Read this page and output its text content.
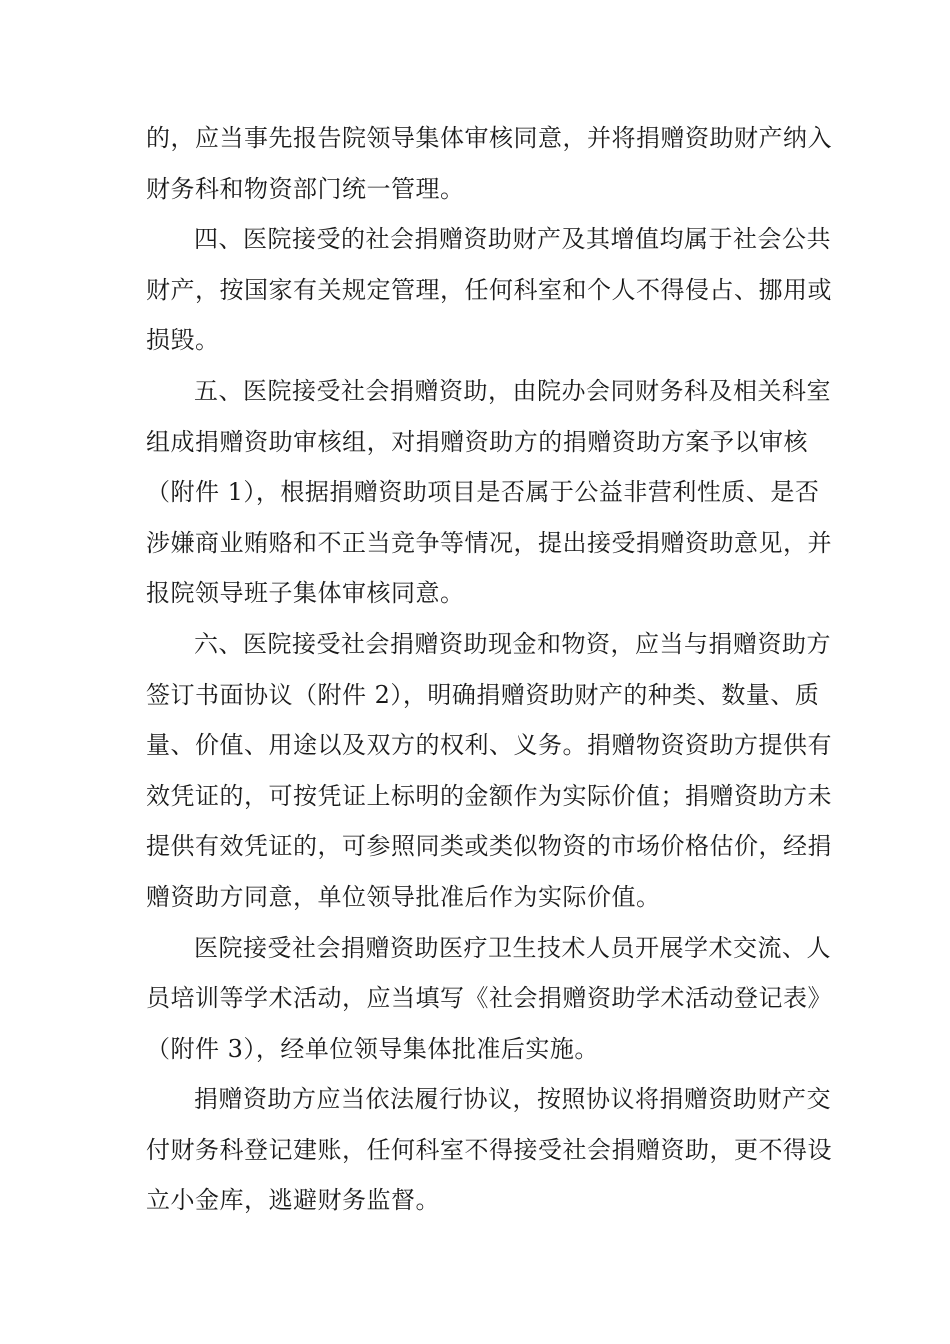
的，应当事先报告院领导集体审核同意，并将捐赠资助财产纳入
财务科和物资部门统一管理。
四、医院接受的社会捐赠资助财产及其增值均属于社会公共
财产，按国家有关规定管理，任何科室和个人不得侵占、挪用或
损毁。
五、医院接受社会捐赠资助，由院办会同财务科及相关科室
组成捐赠资助审核组，对捐赠资助方的捐赠资助方案予以审核
（附件 1），根据捐赠资助项目是否属于公益非营利性质、是否
涉嫌商业贿赂和不正当竞争等情况，提出接受捐赠资助意见，并
报院领导班子集体审核同意。
六、医院接受社会捐赠资助现金和物资，应当与捐赠资助方
签订书面协议（附件 2），明确捐赠资助财产的种类、数量、质
量、价值、用途以及双方的权利、义务。捐赠物资资助方提供有
效凭证的，可按凭证上标明的金额作为实际价值；捐赠资助方未
提供有效凭证的，可参照同类或类似物资的市场价格估价，经捐
赠资助方同意，单位领导批准后作为实际价值。
医院接受社会捐赠资助医疗卫生技术人员开展学术交流、人
员培训等学术活动，应当填写《社会捐赠资助学术活动登记表》
（附件 3），经单位领导集体批准后实施。
捐赠资助方应当依法履行协议，按照协议将捐赠资助财产交
付财务科登记建账，任何科室不得接受社会捐赠资助，更不得设
立小金库，逃避财务监督。
